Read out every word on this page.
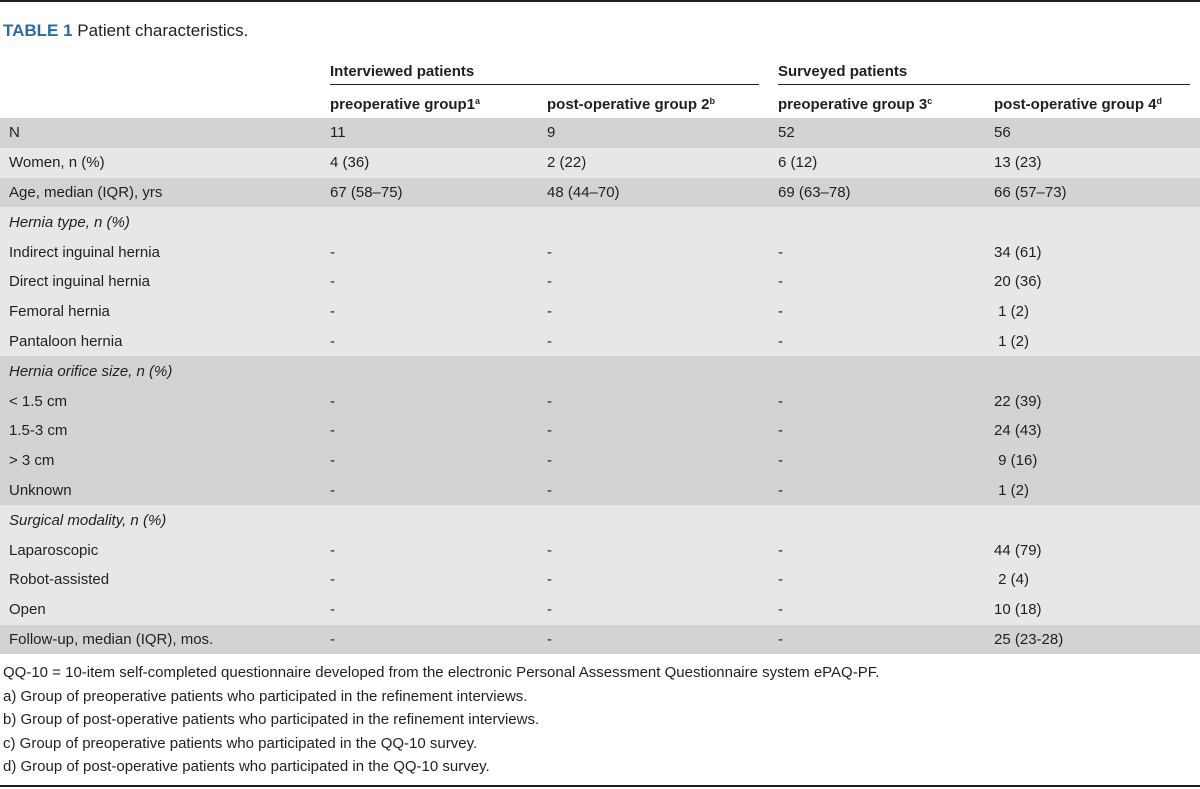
TABLE 1 Patient characteristics.

	Interviewed patients		Surveyed patients	

	preoperative group1$^a$	post-operative group 2$^b$	preoperative group 3$^c$	post-operative group 4$^d$
N	11	9	52	56
Women, n (%)	4 (36)	2 (22)	6 (12)	13 (23)
Age, median (IQR), yrs	67 (58–75)	48 (44–70)	69 (63–78)	66 (57–73)
Hernia type, n (%)				
Indirect inguinal hernia	-	-	-	34 (61)
Direct inguinal hernia	-	-	-	20 (36)
Femoral hernia	-	-	-	1 (2)
Pantaloon hernia	-	-	-	1 (2)
Hernia orifice size, n (%)				
< 1.5 cm	-	-	-	22 (39)
1.5-3 cm	-	-	-	24 (43)
> 3 cm	-	-	-	9 (16)
Unknown	-	-	-	1 (2)
Surgical modality, n (%)				
Laparoscopic	-	-	-	44 (79)
Robot-assisted	-	-	-	2 (4)
Open	-	-	-	10 (18)
Follow-up, median (IQR), mos.	-	-	-	25 (23-28)
QQ-10 = 10-item self-completed questionnaire developed from the electronic Personal Assessment Questionnaire system ePAQ-PF.
a) Group of preoperative patients who participated in the refinement interviews.
b) Group of post-operative patients who participated in the refinement interviews.
c) Group of preoperative patients who participated in the QQ-10 survey.
d) Group of post-operative patients who participated in the QQ-10 survey.
